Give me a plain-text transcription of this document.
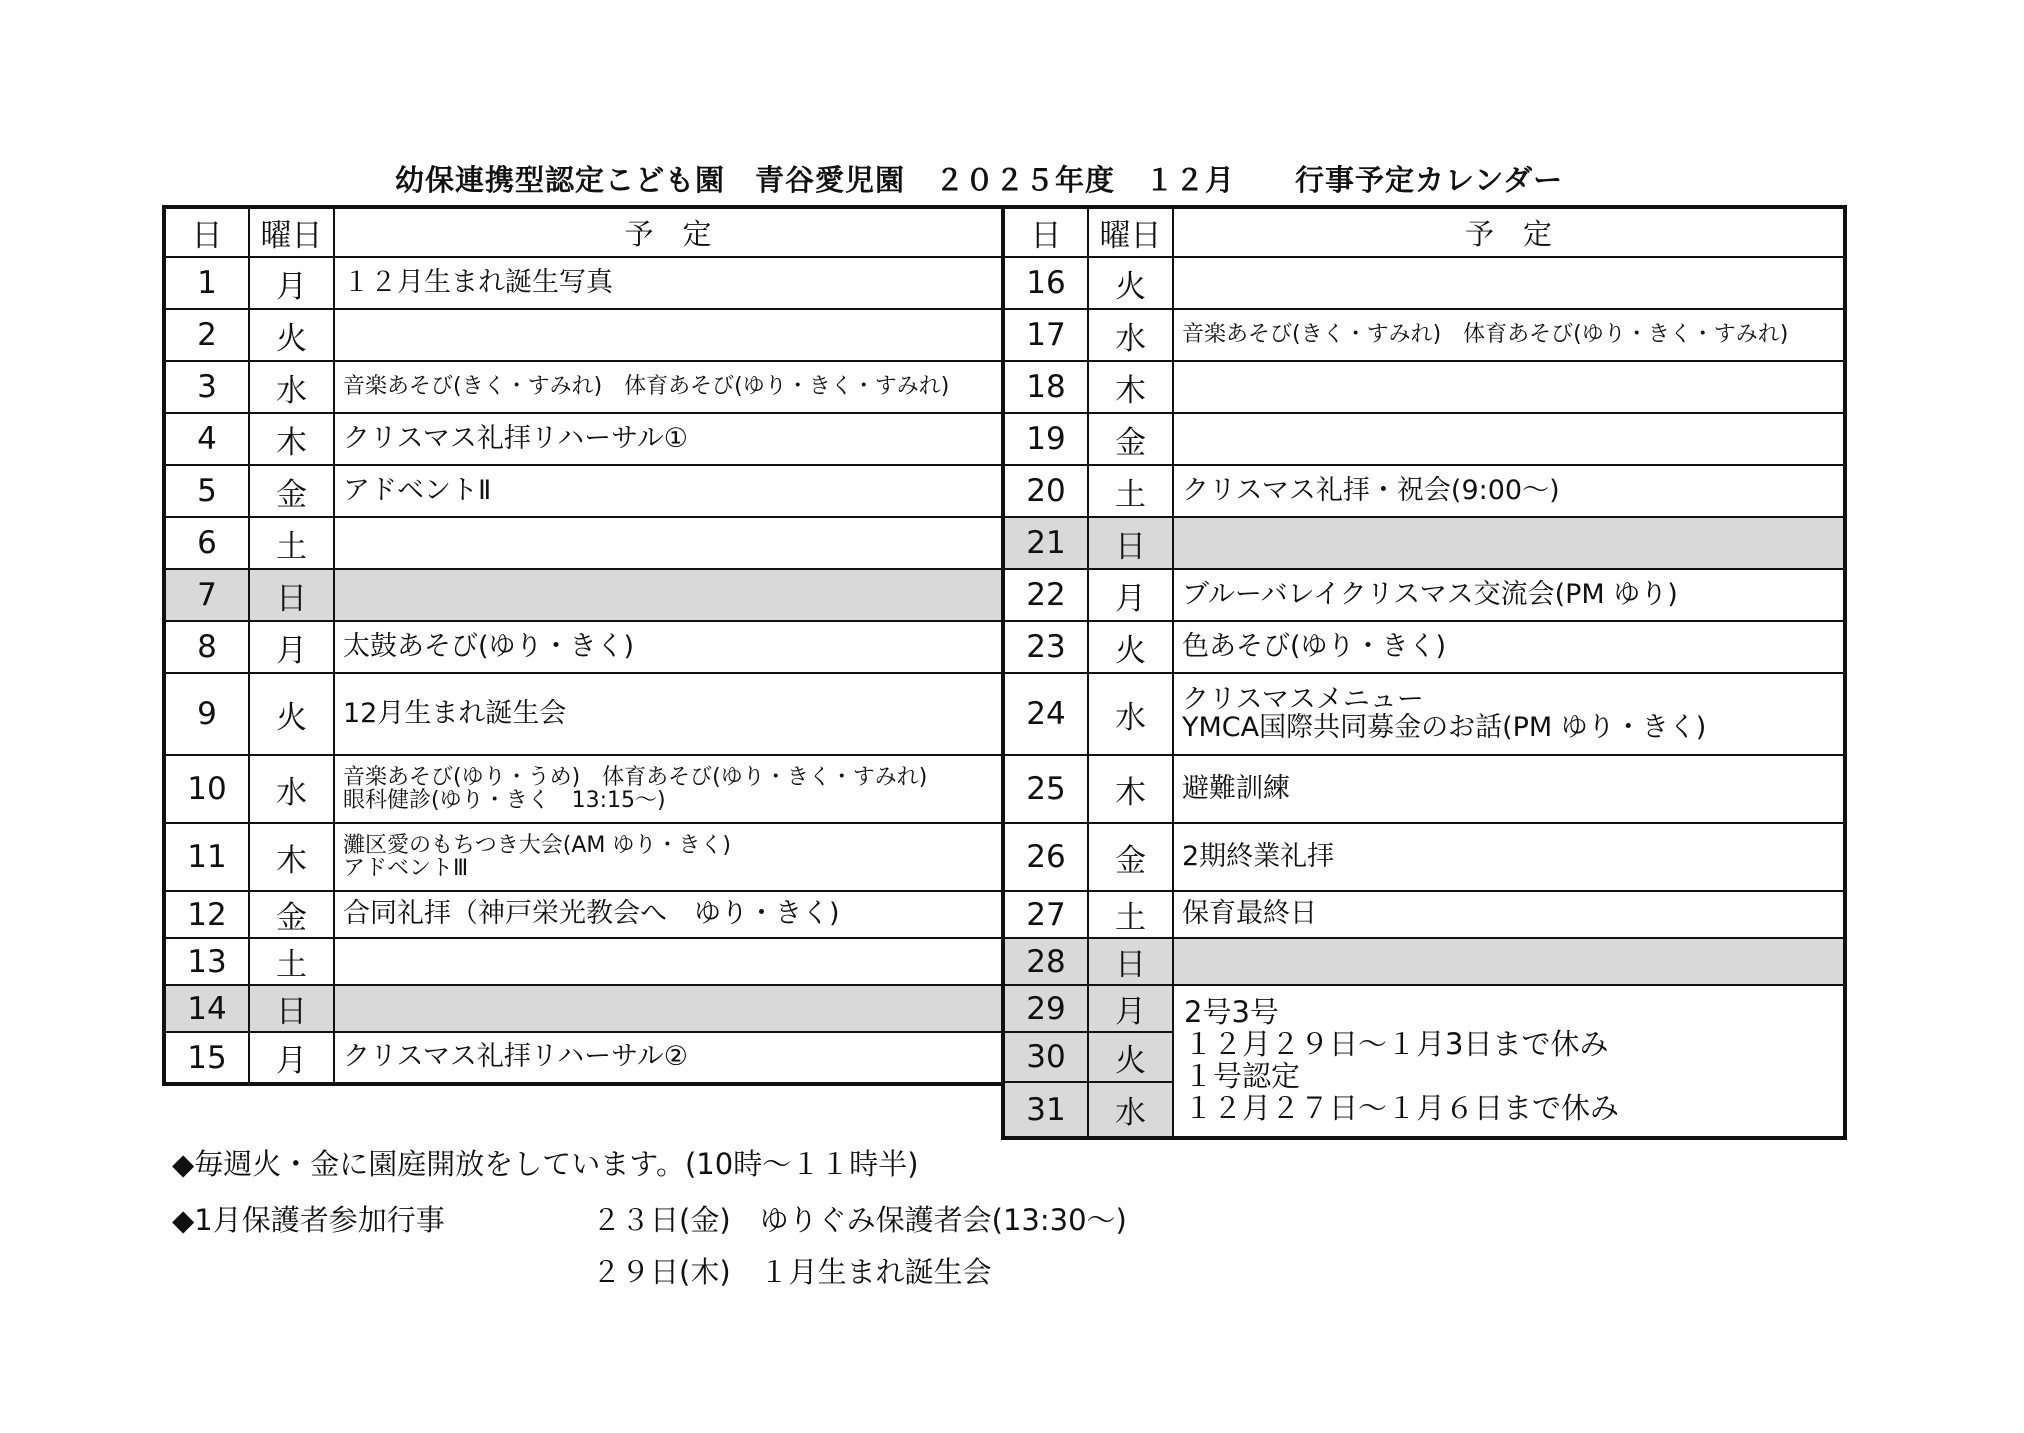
幼保連携型認定こども園　青谷愛児園　２０２５年度　１２月　　行事予定カレンダー
日	曜日	予　定
1	月	１２月生まれ誕生写真

2	火	
3	水	音楽あそび(きく・すみれ)　体育あそび(ゆり・きく・すみれ)

4	木	クリスマス礼拝リハーサル①

5	金	アドベントⅡ

6	土	
7	日	
8	月	太鼓あそび(ゆり・きく)

9	火	12月生まれ誕生会

10	水	音楽あそび(ゆり・うめ)　体育あそび(ゆり・きく・すみれ)
眼科健診(ゆり・きく　13:15～)

11	木	灘区愛のもちつき大会(AM ゆり・きく)
アドベントⅢ

12	金	合同礼拝（神戸栄光教会へ　ゆり・きく)

13	土	
14	日	
15	月	クリスマス礼拝リハーサル②
日	曜日	予　定
16	火	
17	水	音楽あそび(きく・すみれ)　体育あそび(ゆり・きく・すみれ)

18	木	
19	金	
20	土	クリスマス礼拝・祝会(9:00～)

21	日	
22	月	ブルーバレイクリスマス交流会(PM ゆり)

23	火	色あそび(ゆり・きく)

24	水	クリスマスメニュー
YMCA国際共同募金のお話(PM ゆり・きく)

25	木	避難訓練

26	金	2期終業礼拝

27	土	保育最終日

28	日	
29	月	2号3号
１２月２９日～１月3日まで休み
１号認定
１２月２７日～１月６日まで休み
30	火	
31	水	
◆毎週火・金に園庭開放をしています。(10時～１１時半)
◆1月保護者参加行事	２３日(金)　ゆりぐみ保護者会(13:30～)
２９日(木)　１月生まれ誕生会
